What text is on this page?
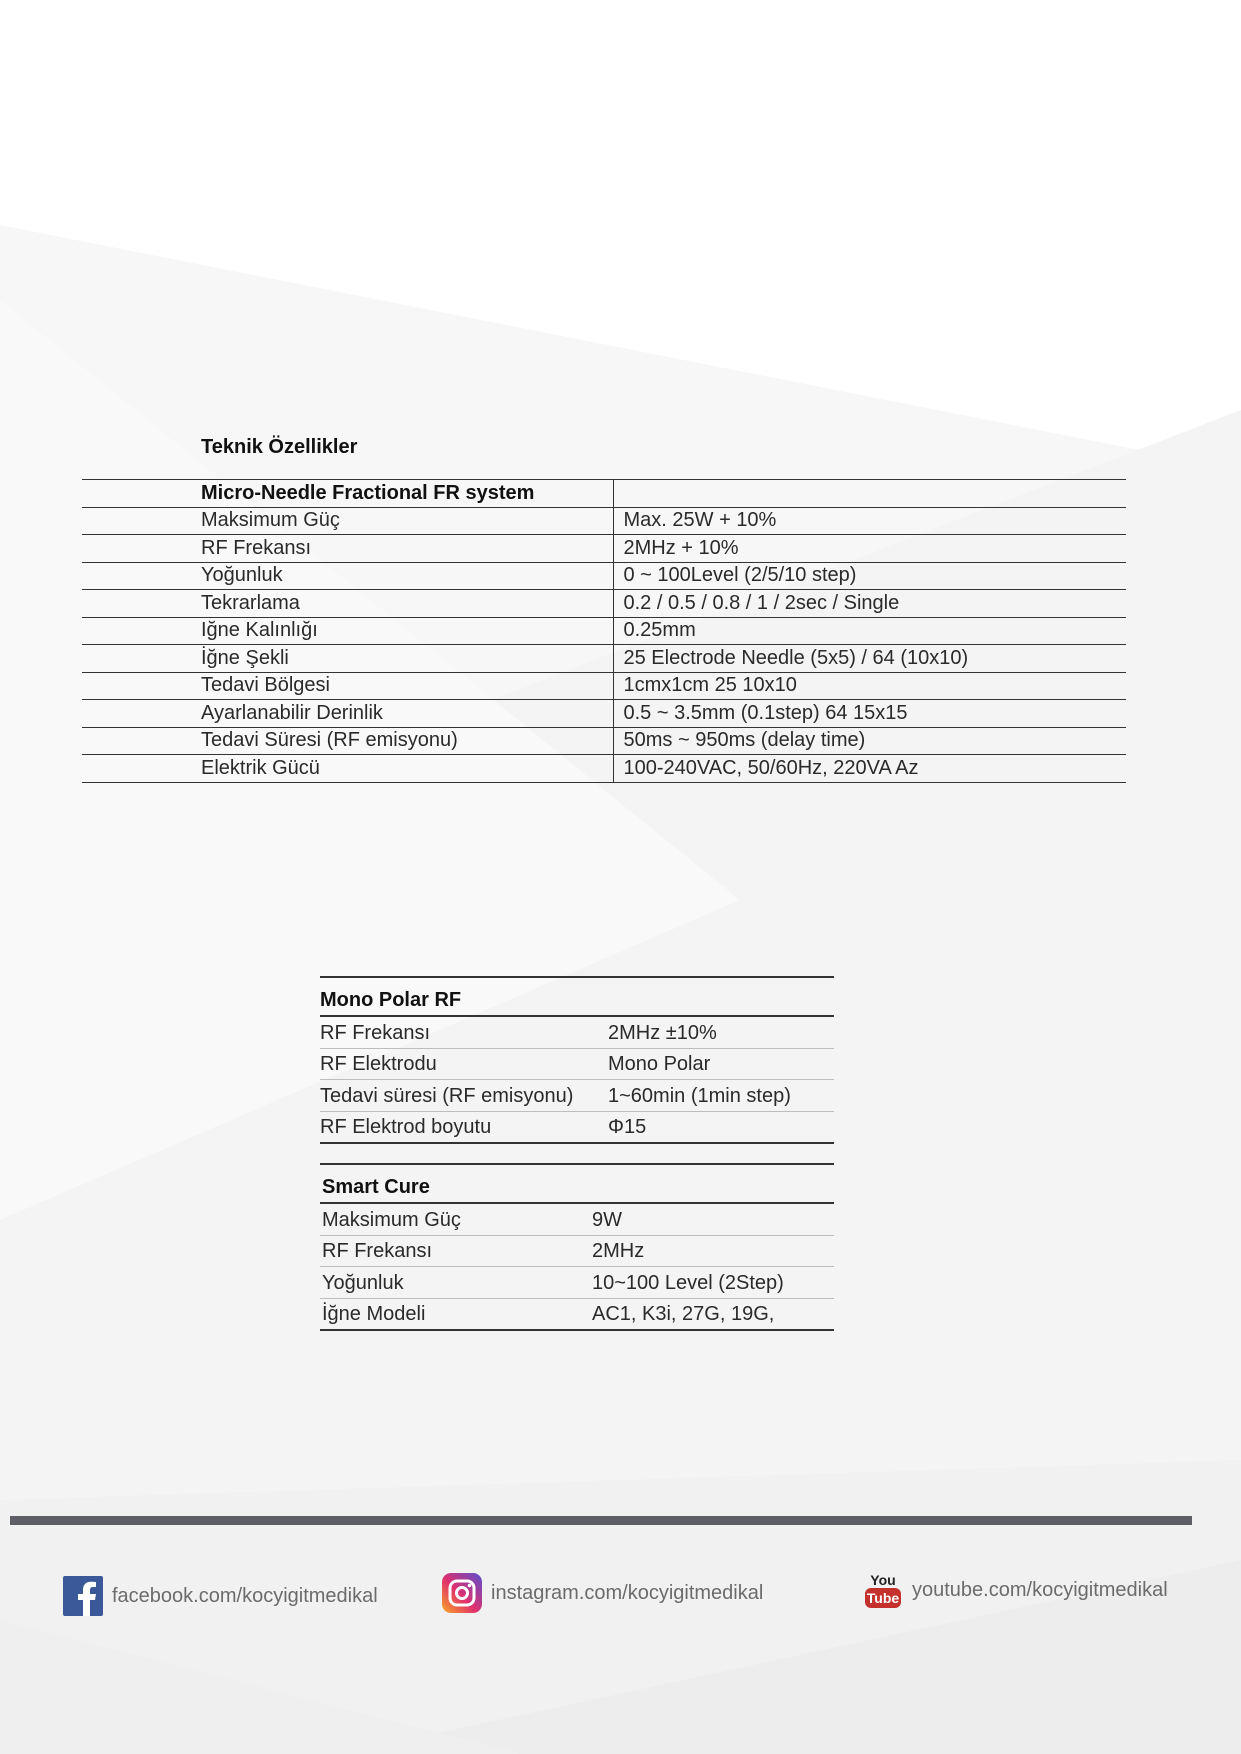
Teknik Özellikler
Micro-Needle Fractional FR system	
Maksimum Güç	Max. 25W + 10%
RF Frekansı	2MHz + 10%
Yoğunluk	0 ~ 100Level (2/5/10 step)
Tekrarlama	0.2 / 0.5 / 0.8 / 1 / 2sec / Single
Iğne Kalınlığı	0.25mm
İğne Şekli	25 Electrode Needle (5x5) / 64 (10x10)
Tedavi Bölgesi	1cmx1cm 25 10x10
Ayarlanabilir Derinlik	0.5 ~ 3.5mm (0.1step) 64 15x15
Tedavi Süresi (RF emisyonu)	50ms ~ 950ms (delay time)
Elektrik Gücü	100-240VAC, 50/60Hz, 220VA Az
Mono Polar RF	
RF Frekansı	2MHz ±10%
RF Elektrodu	Mono Polar
Tedavi süresi (RF emisyonu)	1~60min (1min step)
RF Elektrod boyutu	Φ15
Smart Cure	
Maksimum Güç	9W
RF Frekansı	2MHz
Yoğunluk	10~100 Level (2Step)
İğne Modeli	AC1, K3i, 27G, 19G,
facebook.com/kocyigitmedikal	instagram.com/kocyigitmedikal
You
Tube youtube.com/kocyigitmedikal
